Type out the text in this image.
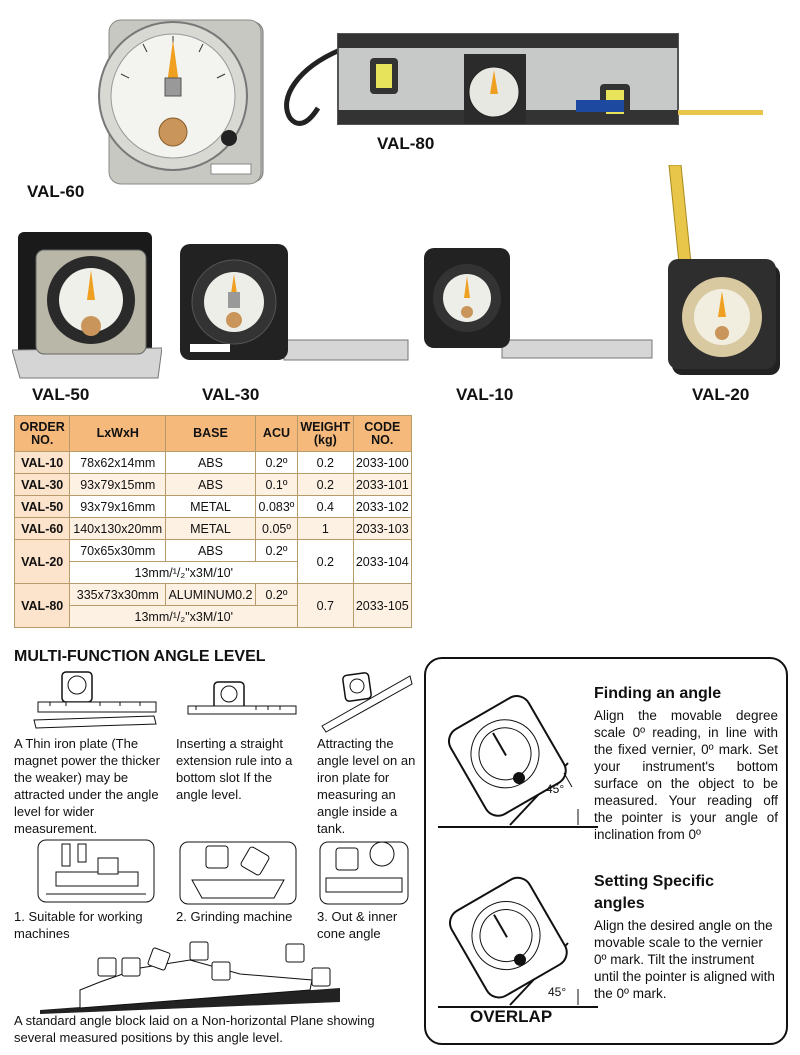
VAL-60
VAL-80
VAL-50	VAL-30	VAL-10	VAL-20
ORDER NO.	LxWxH	BASE	ACU	WEIGHT (kg)	CODE NO.
VAL-10	78x62x14mm	ABS	0.2º	0.2	2033-100
VAL-30	93x79x15mm	ABS	0.1º	0.2	2033-101
VAL-50	93x79x16mm	METAL	0.083º	0.4	2033-102
VAL-60	140x130x20mm	METAL	0.05º	1	2033-103
VAL-20	70x65x30mm	ABS	0.2º	0.2	2033-104
	13mm/¹/₂"x3M/10'				
VAL-80	335x73x30mm	ALUMINUM0.2	0.2º	0.7	2033-105
	13mm/¹/₂"x3M/10'				
MULTI-FUNCTION ANGLE LEVEL
A Thin iron plate (The magnet power the thicker the weaker) may be attracted under the angle level for wider measurement.
Inserting a straight extension rule into a bottom slot If the angle level.
Attracting the angle level on an iron plate for measuring an angle inside a tank.
1. Suitable for working machines
2. Grinding machine	3. Out & inner cone angle
A standard angle block laid on a Non-horizontal Plane showing several measured positions by this angle level.
45°
45°
Finding an angle
Align the movable degree scale 0º reading, in line with the fixed vernier, 0º mark. Set your instrument's bottom surface on the object to be measured. Your reading off the pointer is your angle of inclination from 0º
Setting Specific angles
Align the desired angle on the movable scale to the vernier 0º mark. Tilt the instrument until the pointer is aligned with the 0º mark.
OVERLAP
